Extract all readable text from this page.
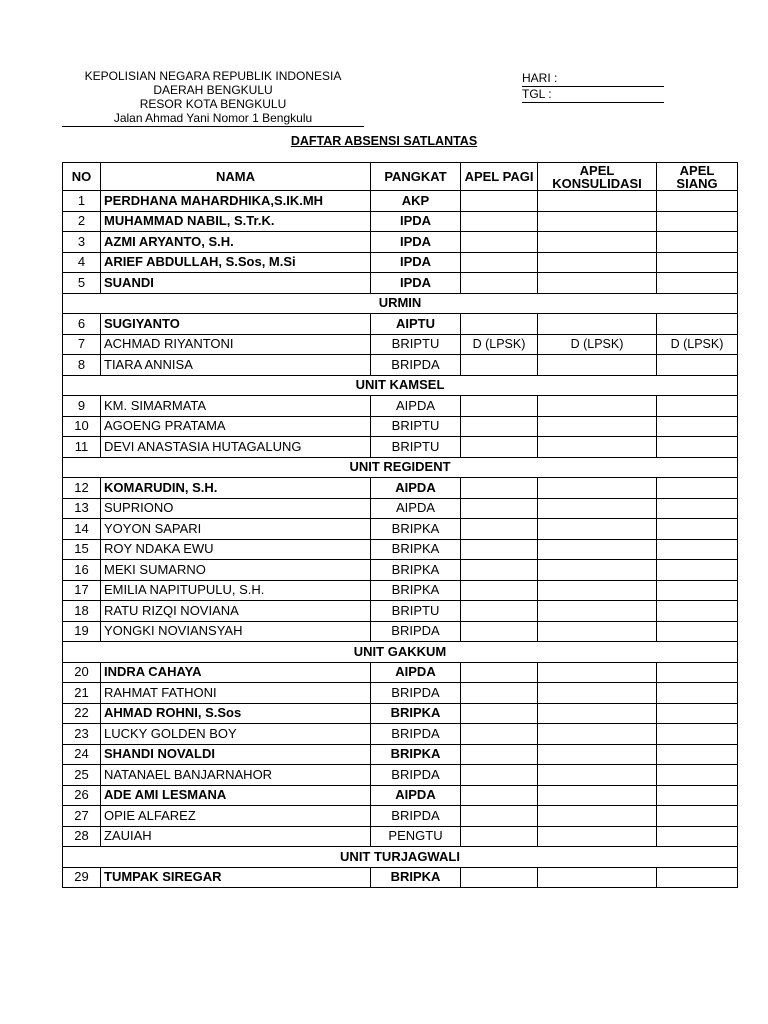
KEPOLISIAN NEGARA REPUBLIK INDONESIA
DAERAH BENGKULU
RESOR KOTA BENGKULU
Jalan Ahmad Yani Nomor 1 Bengkulu
HARI :
TGL :
DAFTAR ABSENSI SATLANTAS
NO	NAMA	PANGKAT	APEL PAGI	APEL KONSULIDASI	APEL SIANG
1	PERDHANA MAHARDHIKA,S.IK.MH	AKP			
2	MUHAMMAD NABIL, S.Tr.K.	IPDA			
3	AZMI ARYANTO, S.H.	IPDA			
4	ARIEF ABDULLAH, S.Sos, M.Si	IPDA			
5	SUANDI	IPDA			
URMIN					
6	SUGIYANTO	AIPTU			
7	ACHMAD RIYANTONI	BRIPTU	D (LPSK)	D (LPSK)	D (LPSK)
8	TIARA ANNISA	BRIPDA			
UNIT KAMSEL					
9	KM. SIMARMATA	AIPDA			
10	AGOENG PRATAMA	BRIPTU			
11	DEVI ANASTASIA HUTAGALUNG	BRIPTU			
UNIT REGIDENT					
12	KOMARUDIN, S.H.	AIPDA			
13	SUPRIONO	AIPDA			
14	YOYON SAPARI	BRIPKA			
15	ROY NDAKA EWU	BRIPKA			
16	MEKI SUMARNO	BRIPKA			
17	EMILIA NAPITUPULU, S.H.	BRIPKA			
18	RATU RIZQI NOVIANA	BRIPTU			
19	YONGKI NOVIANSYAH	BRIPDA			
UNIT GAKKUM					
20	INDRA CAHAYA	AIPDA			
21	RAHMAT FATHONI	BRIPDA			
22	AHMAD ROHNI, S.Sos	BRIPKA			
23	LUCKY GOLDEN BOY	BRIPDA			
24	SHANDI NOVALDI	BRIPKA			
25	NATANAEL BANJARNAHOR	BRIPDA			
26	ADE AMI LESMANA	AIPDA			
27	OPIE ALFAREZ	BRIPDA			
28	ZAUIAH	PENGTU			
UNIT TURJAGWALI					
29	TUMPAK SIREGAR	BRIPKA			
